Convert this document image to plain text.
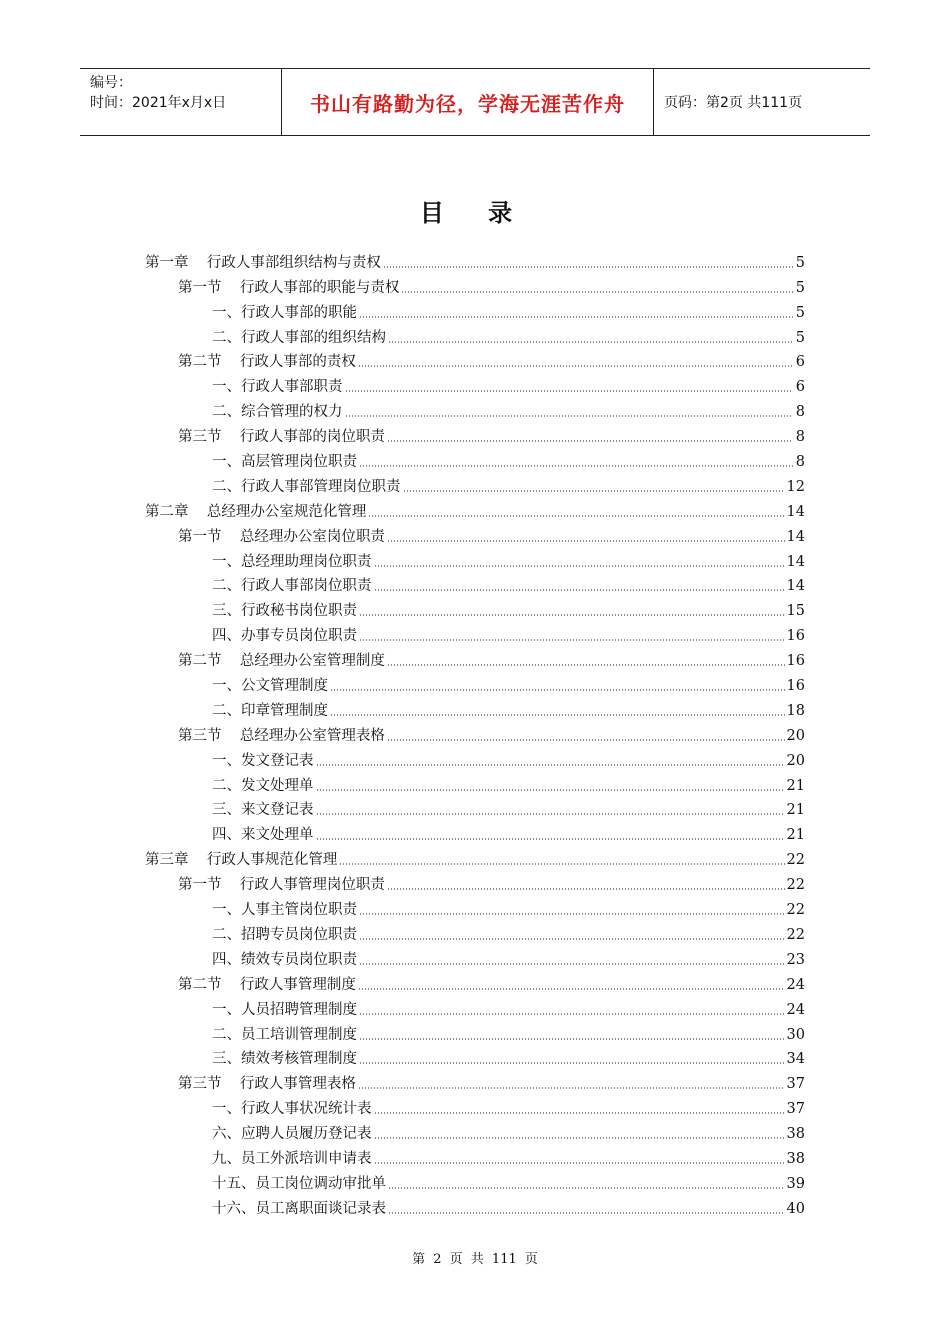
编号：
时间：2021年x月x日	书山有路勤为径，学海无涯苦作舟	页码：第2页 共111页
目 录
第一章    行政人事部组织结构与责权	5
第一节    行政人事部的职能与责权	5
一、行政人事部的职能	5
二、行政人事部的组织结构	5
第二节    行政人事部的责权	6
一、行政人事部职责	6
二、综合管理的权力	8
第三节    行政人事部的岗位职责	8
一、高层管理岗位职责	8
二、行政人事部管理岗位职责	12
第二章    总经理办公室规范化管理	14
第一节    总经理办公室岗位职责	14
一、总经理助理岗位职责	14
二、行政人事部岗位职责	14
三、行政秘书岗位职责	15
四、办事专员岗位职责	16
第二节    总经理办公室管理制度	16
一、公文管理制度	16
二、印章管理制度	18
第三节    总经理办公室管理表格	20
一、发文登记表	20
二、发文处理单	21
三、来文登记表	21
四、来文处理单	21
第三章    行政人事规范化管理	22
第一节    行政人事管理岗位职责	22
一、人事主管岗位职责	22
二、招聘专员岗位职责	22
四、绩效专员岗位职责	23
第二节    行政人事管理制度	24
一、人员招聘管理制度	24
二、员工培训管理制度	30
三、绩效考核管理制度	34
第三节    行政人事管理表格	37
一、行政人事状况统计表	37
六、应聘人员履历登记表	38
九、员工外派培训申请表	38
十五、员工岗位调动审批单	39
十六、员工离职面谈记录表	40
第 2 页 共 111 页
